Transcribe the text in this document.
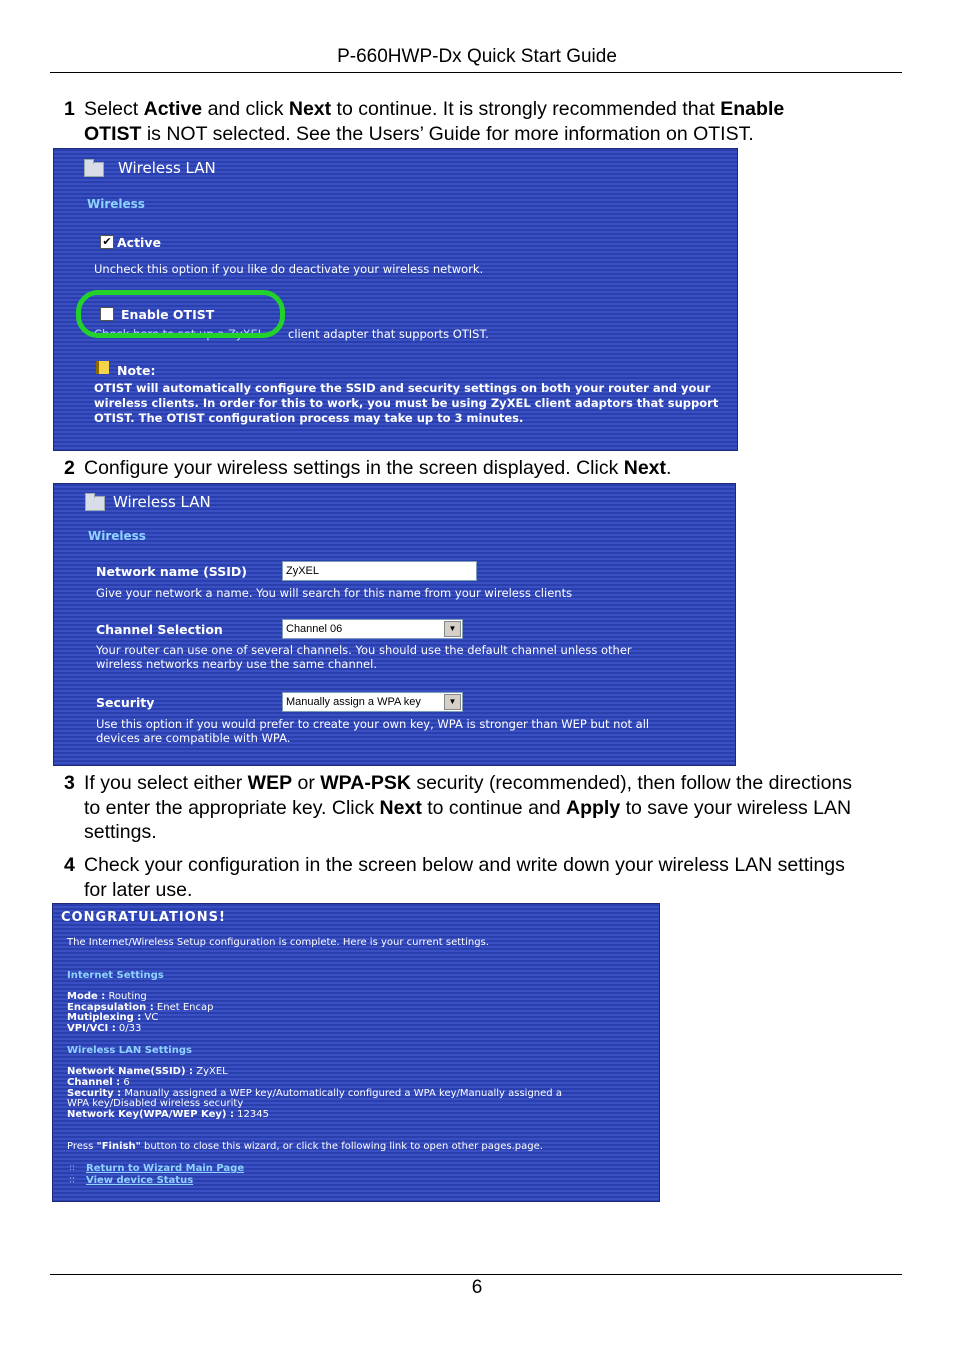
P-660HWP-Dx Quick Start Guide
1 Select Active and click Next to continue. It is strongly recommended that Enable
OTIST is NOT selected. See the Users’ Guide for more information on OTIST.
Wireless LAN
Wireless
✔ Active
Uncheck this option if you like do deactivate your wireless network.
Enable OTIST
Check here to set up a ZyXEL client adapter that supports OTIST.
Note:
OTIST will automatically configure the SSID and security settings on both your router and your wireless clients. In order for this to work, you must be using ZyXEL client adaptors that support OTIST. The OTIST configuration process may take up to 3 minutes.
2 Configure your wireless settings in the screen displayed. Click Next.
Wireless LAN
Wireless
Network name (SSID)	ZyXEL
Give your network a name. You will search for this name from your wireless clients
Channel Selection	Channel 06	▼
Your router can use one of several channels. You should use the default channel unless other
wireless networks nearby use the same channel.
Security	Manually assign a WPA key	▼
Use this option if you would prefer to create your own key, WPA is stronger than WEP but not all
devices are compatible with WPA.
3 If you select either WEP or WPA-PSK security (recommended), then follow the directions
to enter the appropriate key. Click Next to continue and Apply to save your wireless LAN
settings.
4 Check your configuration in the screen below and write down your wireless LAN settings
for later use.
CONGRATULATIONS!
The Internet/Wireless Setup configuration is complete. Here is your current settings.
Internet Settings
Mode : Routing
Encapsulation : Enet Encap
Mutiplexing : VC
VPI/VCI : 0/33
Wireless LAN Settings
Network Name(SSID) : ZyXEL
Channel : 6
Security : Manually assigned a WEP key/Automatically configured a WPA key/Manually assigned a
WPA key/Disabled wireless security
Network Key(WPA/WEP Key) : 12345
Press "Finish" button to close this wizard, or click the following link to open other pages.page.
:: Return to Wizard Main Page
:: View device Status
6
